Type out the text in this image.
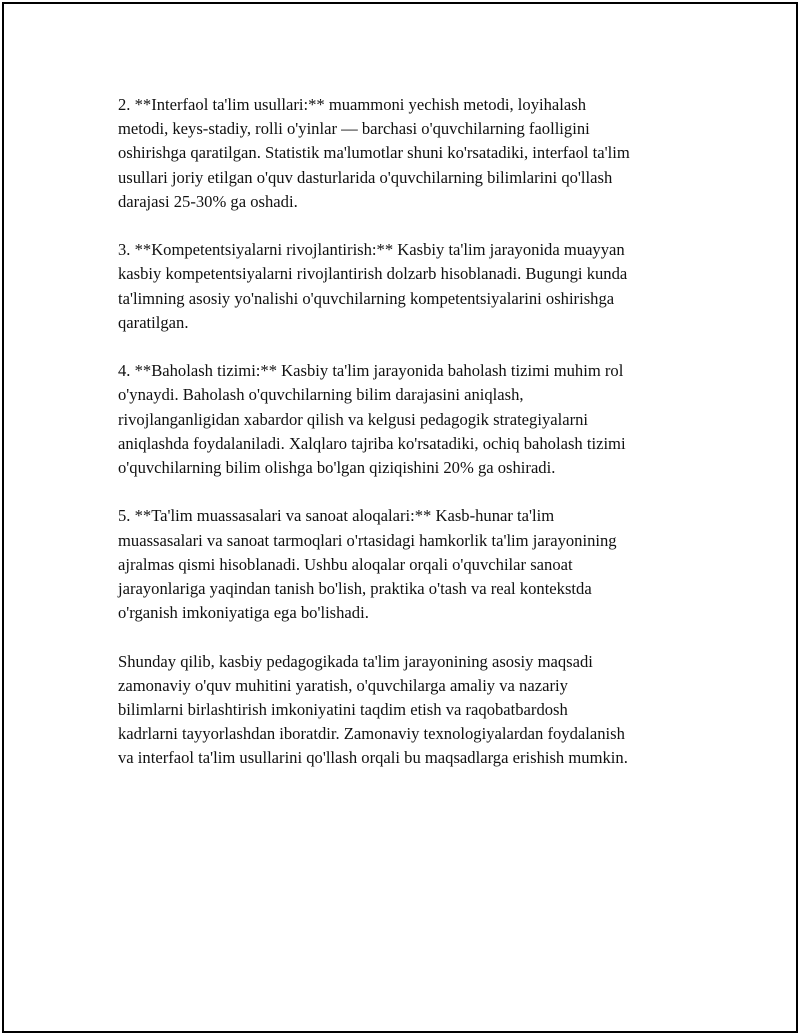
2. **Interfaol ta'lim usullari:** muammoni yechish metodi, loyihalash
metodi, keys-stadiy, rolli o'yinlar — barchasi o'quvchilarning faolligini
oshirishga qaratilgan. Statistik ma'lumotlar shuni ko'rsatadiki, interfaol ta'lim
usullari joriy etilgan o'quv dasturlarida o'quvchilarning bilimlarini qo'llash
darajasi 25-30% ga oshadi.

3. **Kompetentsiyalarni rivojlantirish:** Kasbiy ta'lim jarayonida muayyan
kasbiy kompetentsiyalarni rivojlantirish dolzarb hisoblanadi. Bugungi kunda
ta'limning asosiy yo'nalishi o'quvchilarning kompetentsiyalarini oshirishga
qaratilgan.

4. **Baholash tizimi:** Kasbiy ta'lim jarayonida baholash tizimi muhim rol
o'ynaydi. Baholash o'quvchilarning bilim darajasini aniqlash,
rivojlanganligidan xabardor qilish va kelgusi pedagogik strategiyalarni
aniqlashda foydalaniladi. Xalqlaro tajriba ko'rsatadiki, ochiq baholash tizimi
o'quvchilarning bilim olishga bo'lgan qiziqishini 20% ga oshiradi.

5. **Ta'lim muassasalari va sanoat aloqalari:** Kasb-hunar ta'lim
muassasalari va sanoat tarmoqlari o'rtasidagi hamkorlik ta'lim jarayonining
ajralmas qismi hisoblanadi. Ushbu aloqalar orqali o'quvchilar sanoat
jarayonlariga yaqindan tanish bo'lish, praktika o'tash va real kontekstda
o'rganish imkoniyatiga ega bo'lishadi.

Shunday qilib, kasbiy pedagogikada ta'lim jarayonining asosiy maqsadi
zamonaviy o'quv muhitini yaratish, o'quvchilarga amaliy va nazariy
bilimlarni birlashtirish imkoniyatini taqdim etish va raqobatbardosh
kadrlarni tayyorlashdan iboratdir. Zamonaviy texnologiyalardan foydalanish
va interfaol ta'lim usullarini qo'llash orqali bu maqsadlarga erishish mumkin.
